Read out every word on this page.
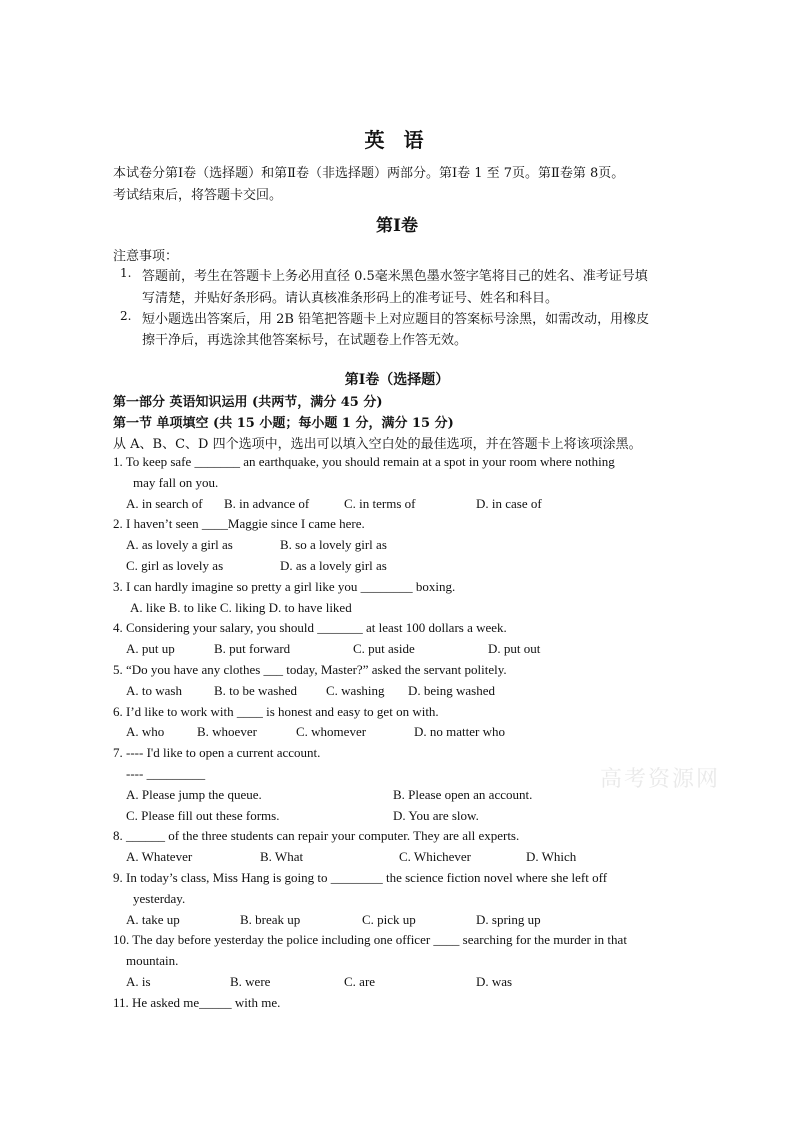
英 语
本试卷分第Ⅰ卷（选择题）和第Ⅱ卷（非选择题）两部分。第Ⅰ卷 1 至 7页。第Ⅱ卷第 8页。
考试结束后，将答题卡交回。
第Ⅰ卷
注意事项：
1. 答题前，考生在答题卡上务必用直径 0.5毫米黑色墨水签字笔将目己的姓名、准考证号填
写清楚，并贴好条形码。请认真核准条形码上的准考证号、姓名和科目。
2. 短小题选出答案后，用 2B 铅笔把答题卡上对应题目的答案标号涂黑，如需改动，用橡皮
擦干净后，再选涂其他答案标号，在试题卷上作答无效。
第Ⅰ卷（选择题）
第一部分 英语知识运用 (共两节，满分 45 分)
第一节 单项填空 (共 15 小题；每小题 1 分，满分 15 分)
从 A、B、C、D 四个选项中，选出可以填入空白处的最佳选项，并在答题卡上将该项涂黑。
1. To keep safe _______ an earthquake, you should remain at a spot in your room where nothing
may fall on you.
A. in search of B. in advance of	C. in terms of	D. in case of
2. I haven’t seen ____Maggie since I came here.
A. as lovely a girl as	B. so a lovely girl as
C. girl as lovely as	D. as a lovely girl as
3. I can hardly imagine so pretty a girl like you ________ boxing.
A. like B. to like C. liking D. to have liked
4. Considering your salary, you should _______ at least 100 dollars a week.
A. put up	B. put forward	C. put aside	D. put out
5. “Do you have any clothes ___ today, Master?” asked the servant politely.
A. to wash B. to be washed C. washing D. being washed
6. I’d like to work with ____ is honest and easy to get on with.
A. who	B. whoever	C. whomever	D. no matter who
7. ---- I'd like to open a current account.
---- _________
A. Please jump the queue.	B. Please open an account.
C. Please fill out these forms.	D. You are slow.
8. ______ of the three students can repair your computer. They are all experts.
A. Whatever	B. What	C. Whichever	D. Which
9. In today’s class, Miss Hang is going to ________ the science fiction novel where she left off
yesterday.
A. take up	B. break up	C. pick up	D. spring up
10. The day before yesterday the police including one officer ____ searching for the murder in that
mountain.
A. is	B. were	C. are	D. was
11. He asked me_____ with me.
高考资源网
